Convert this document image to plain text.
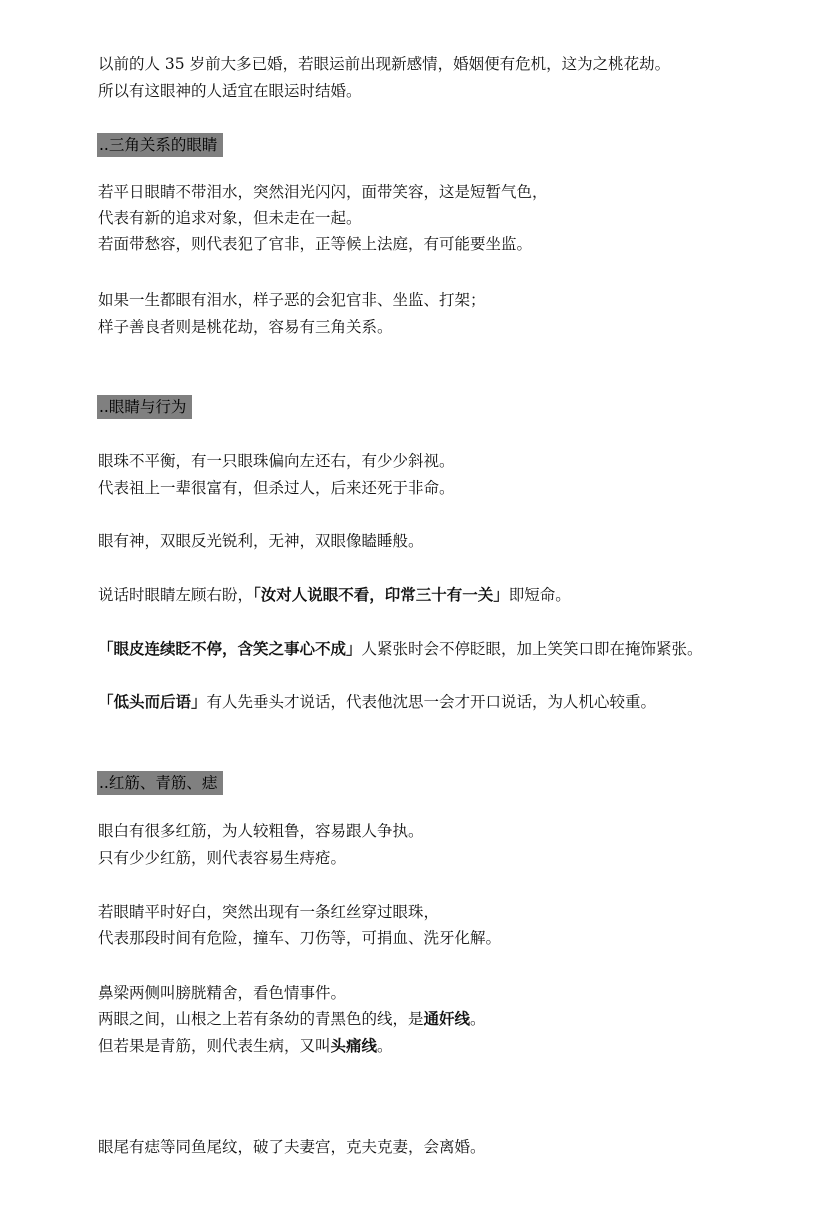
以前的人 35 岁前大多已婚，若眼运前出现新感情，婚姻便有危机，这为之桃花劫。
所以有这眼神的人适宜在眼运时结婚。
..三角关系的眼睛
若平日眼睛不带泪水，突然泪光闪闪，面带笑容，这是短暂气色，
代表有新的追求对象，但未走在一起。
若面带愁容，则代表犯了官非，正等候上法庭，有可能要坐监。
如果一生都眼有泪水，样子恶的会犯官非、坐监、打架；
样子善良者则是桃花劫，容易有三角关系。
..眼睛与行为
眼珠不平衡，有一只眼珠偏向左还右，有少少斜视。
代表祖上一辈很富有，但杀过人，后来还死于非命。
眼有神，双眼反光锐利，无神，双眼像瞌睡般。
说话时眼睛左顾右盼，「汝对人说眼不看，印常三十有一关」即短命。
「眼皮连续眨不停，含笑之事心不成」人紧张时会不停眨眼，加上笑笑口即在掩饰紧张。
「低头而后语」有人先垂头才说话，代表他沈思一会才开口说话，为人机心较重。
..红筋、青筋、痣
眼白有很多红筋，为人较粗鲁，容易跟人争执。
只有少少红筋，则代表容易生痔疮。
若眼睛平时好白，突然出现有一条红丝穿过眼珠，
代表那段时间有危险，撞车、刀伤等，可捐血、洗牙化解。
鼻梁两侧叫膀胱精舍，看色情事件。
两眼之间，山根之上若有条幼的青黑色的线，是通奸线。
但若果是青筋，则代表生病，又叫头痛线。
眼尾有痣等同鱼尾纹，破了夫妻宫，克夫克妻，会离婚。
